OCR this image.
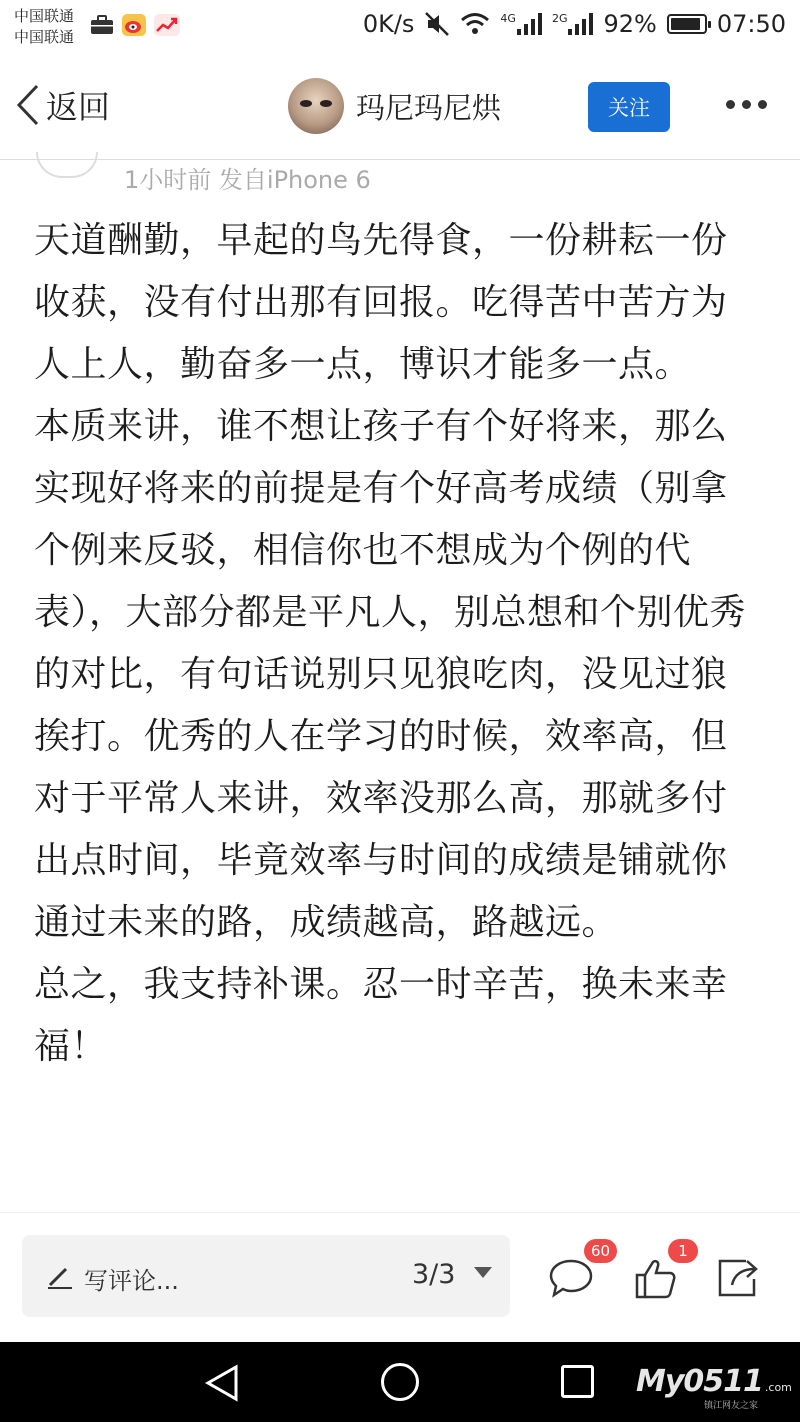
中国联通
中国联通	0K/s	4G	2G 92%	07:50
返回	玛尼玛尼烘	关注
1小时前 发自iPhone 6

天道酬勤，早起的鸟先得食，一份耕耘一份收获，没有付出那有回报。吃得苦中苦方为人上人，勤奋多一点，博识才能多一点。

本质来讲，谁不想让孩子有个好将来，那么实现好将来的前提是有个好高考成绩（别拿个例来反驳，相信你也不想成为个例的代表），大部分都是平凡人，别总想和个别优秀的对比，有句话说别只见狼吃肉，没见过狼挨打。优秀的人在学习的时候，效率高，但对于平常人来讲，效率没那么高，那就多付出点时间，毕竟效率与时间的成绩是铺就你通过未来的路，成绩越高，路越远。

总之，我支持补课。忍一时辛苦，换未来幸福！

写评论...	3/3
60	1
My0511 .com
镇江网友之家
